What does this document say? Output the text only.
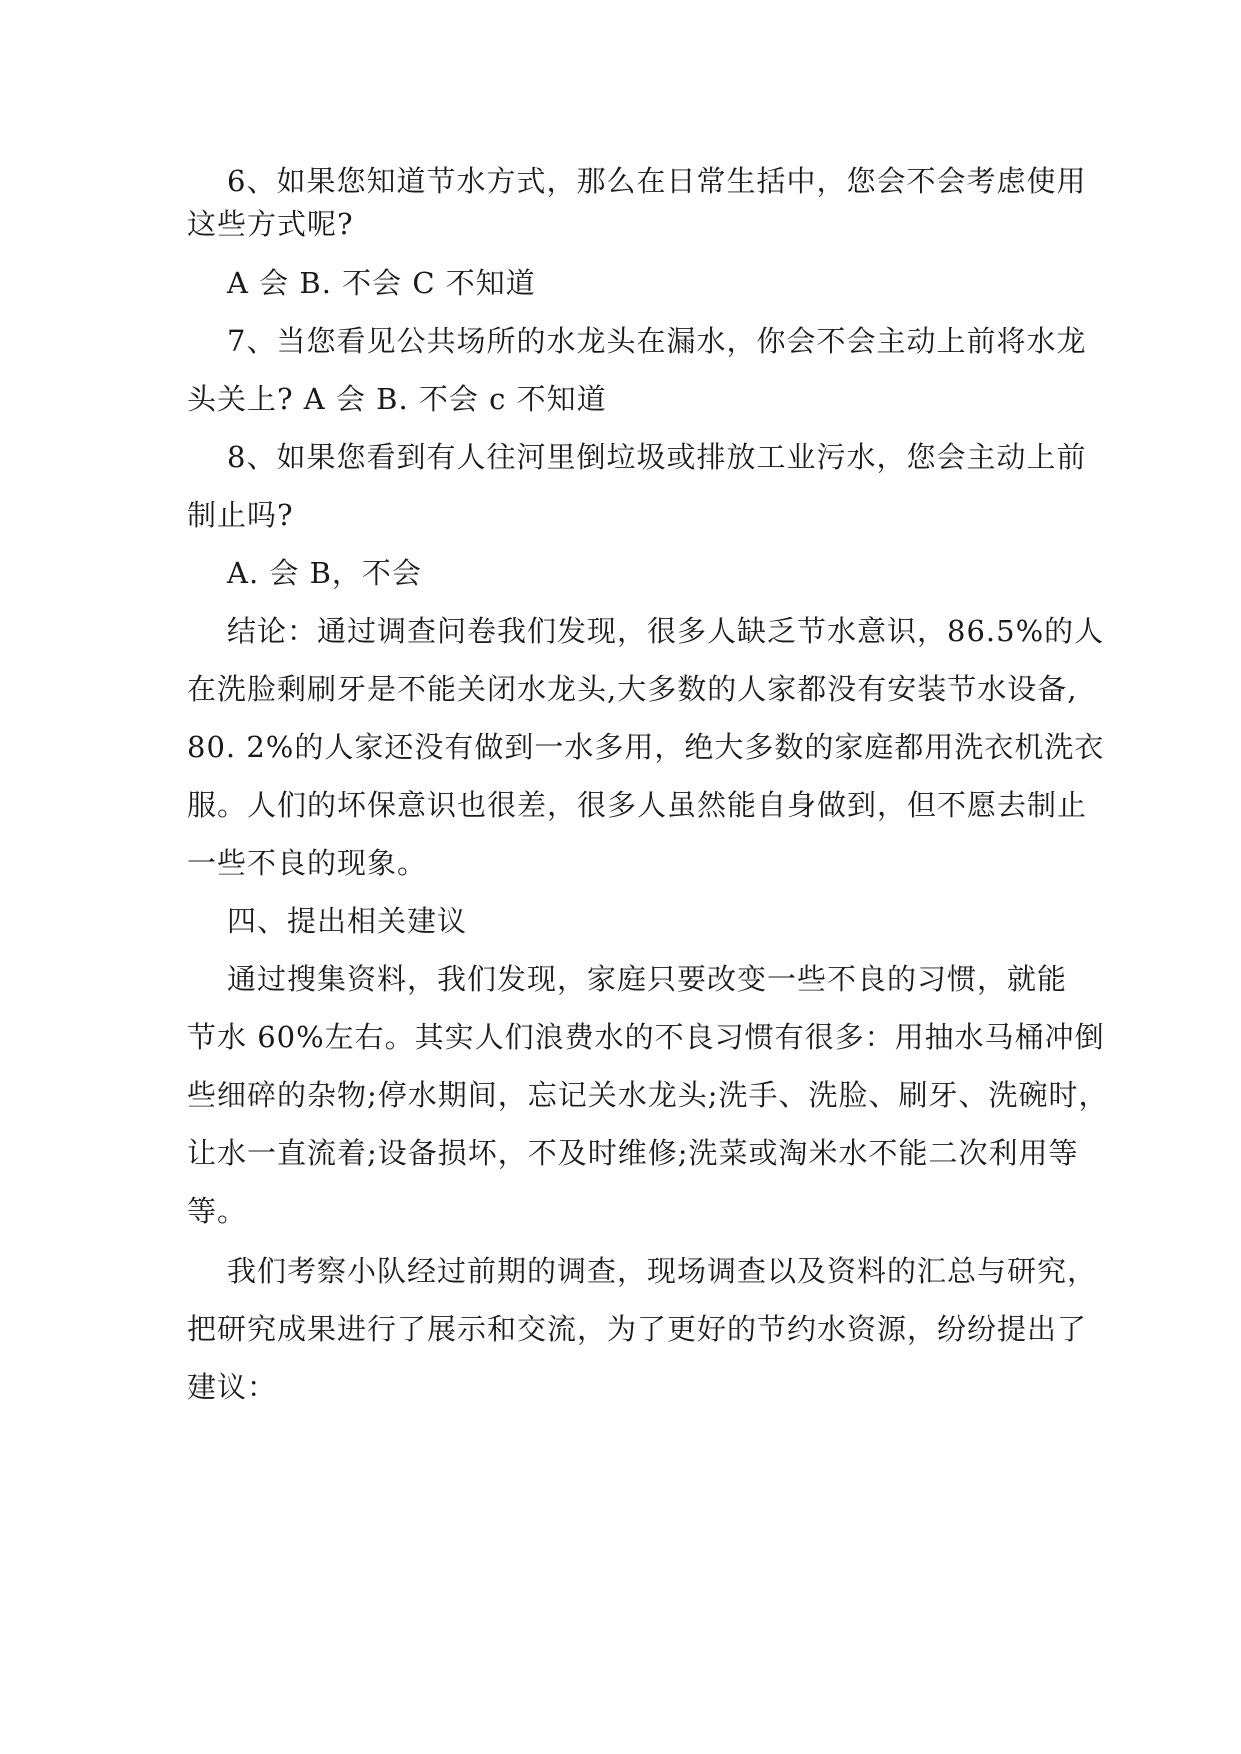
6、如果您知道节水方式，那么在日常生括中，您会不会考虑使用
这些方式呢?
A 会 B. 不会 C 不知道
7、当您看见公共场所的水龙头在漏水，你会不会主动上前将水龙
头关上? A 会 B. 不会 c 不知道
8、如果您看到有人往河里倒垃圾或排放工业污水，您会主动上前
制止吗?
A. 会 B，不会
结论：通过调查问卷我们发现，很多人缺乏节水意识，86.5%的人
在洗脸剩刷牙是不能关闭水龙头,大多数的人家都没有安装节水设备,
80. 2%的人家还没有做到一水多用，绝大多数的家庭都用洗衣机洗衣
服。人们的坏保意识也很差，很多人虽然能自身做到，但不愿去制止
一些不良的现象。
四、提出相关建议
通过搜集资料，我们发现，家庭只要改变一些不良的习惯，就能
节水 60%左右。其实人们浪费水的不良习惯有很多：用抽水马桶冲倒
些细碎的杂物;停水期间，忘记关水龙头;洗手、洗脸、刷牙、洗碗时，
让水一直流着;设备损坏，不及时维修;洗菜或淘米水不能二次利用等
等。
我们考察小队经过前期的调查，现场调查以及资料的汇总与研究，
把研究成果进行了展示和交流，为了更好的节约水资源，纷纷提出了
建议：
